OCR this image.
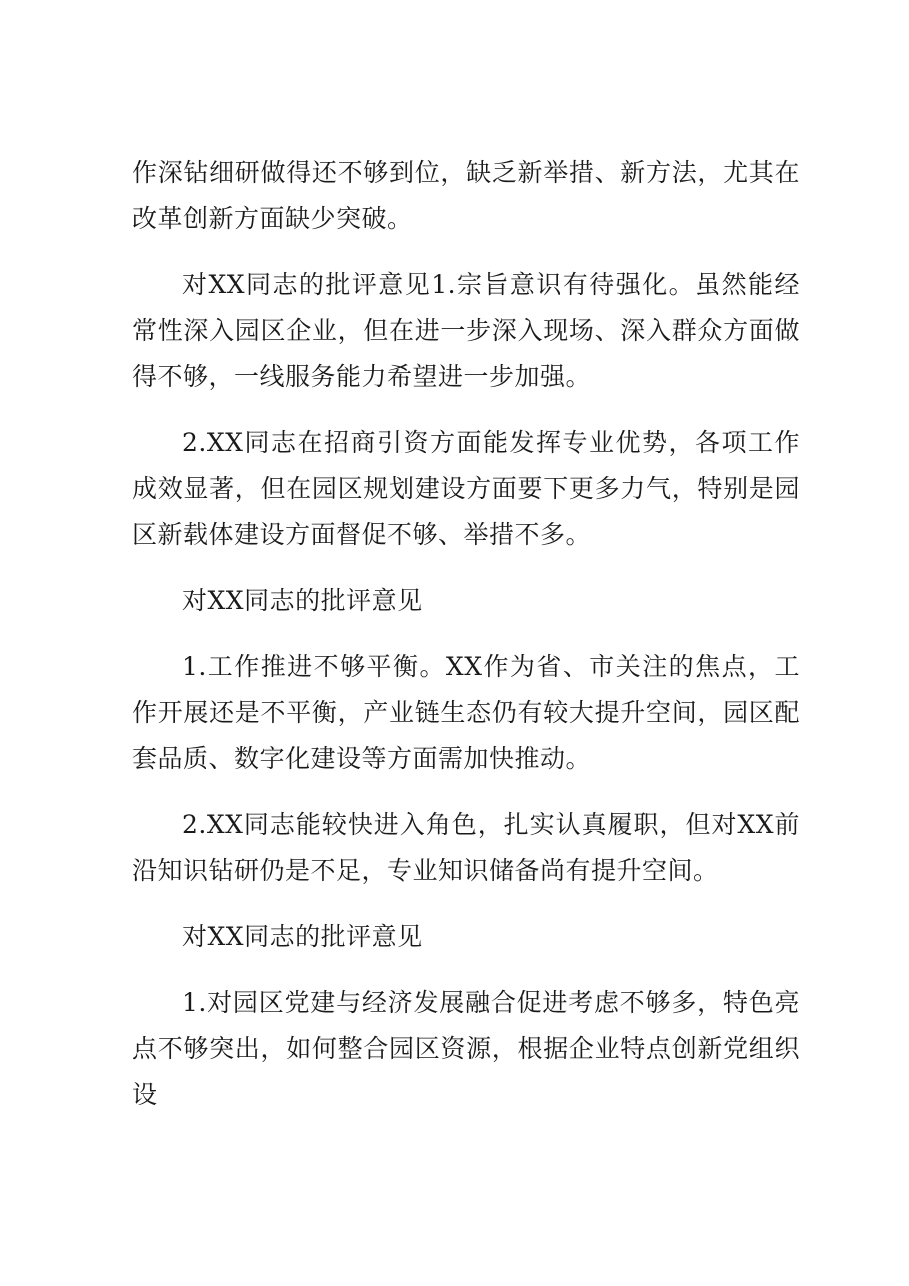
作深钻细研做得还不够到位，缺乏新举措、新方法，尤其在改革创新方面缺少突破。

对XX同志的批评意见1.宗旨意识有待强化。虽然能经常性深入园区企业，但在进一步深入现场、深入群众方面做得不够，一线服务能力希望进一步加强。

2.XX同志在招商引资方面能发挥专业优势，各项工作成效显著，但在园区规划建设方面要下更多力气，特别是园区新载体建设方面督促不够、举措不多。

对XX同志的批评意见

1.工作推进不够平衡。XX作为省、市关注的焦点，工作开展还是不平衡，产业链生态仍有较大提升空间，园区配套品质、数字化建设等方面需加快推动。

2.XX同志能较快进入角色，扎实认真履职，但对XX前沿知识钻研仍是不足，专业知识储备尚有提升空间。

对XX同志的批评意见

1.对园区党建与经济发展融合促进考虑不够多，特色亮点不够突出，如何整合园区资源，根据企业特点创新党组织设
